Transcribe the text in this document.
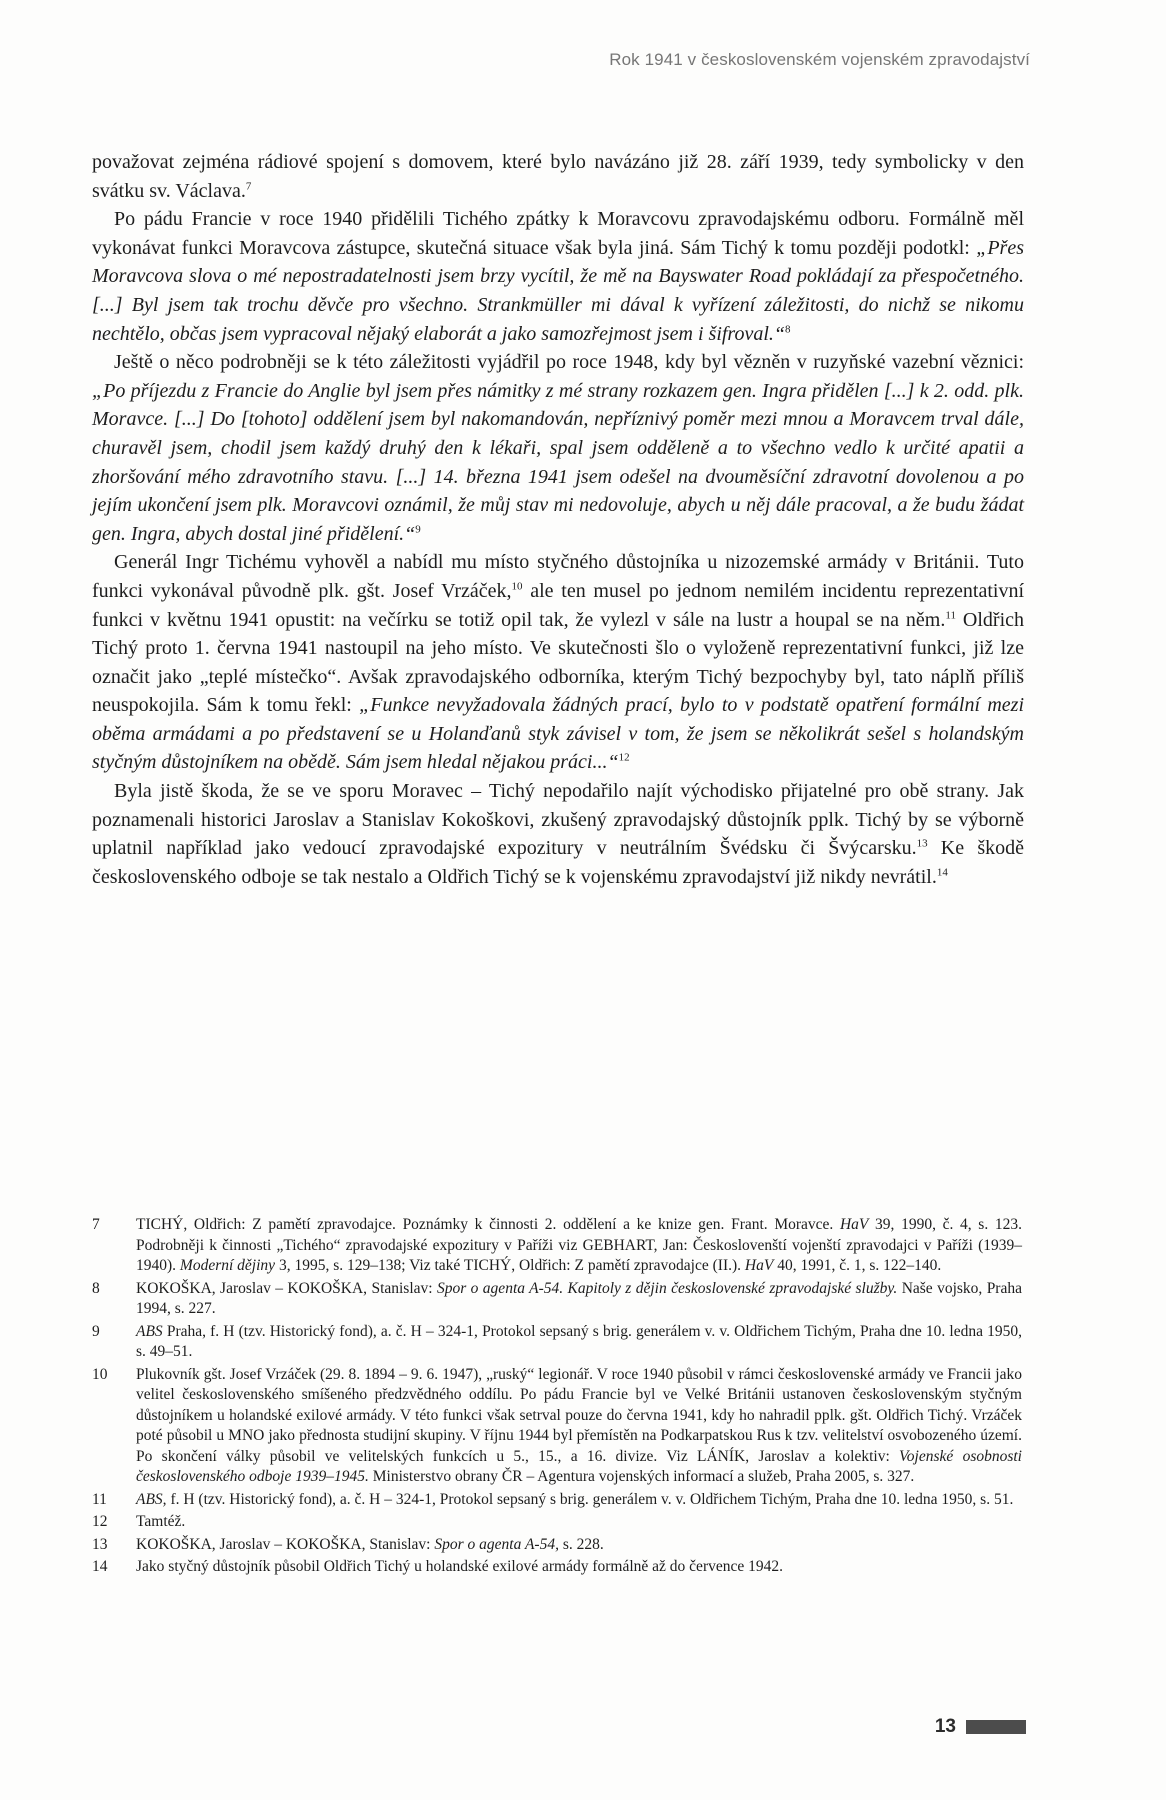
Rok 1941 v československém vojenském zpravodajství

považovat zejména rádiové spojení s domovem, které bylo navázáno již 28. září 1939, tedy symbolicky v den svátku sv. Václava.$^7$

Po pádu Francie v roce 1940 přidělili Tichého zpátky k Moravcovu zpravodajskému odboru. Formálně měl vykonávat funkci Moravcova zástupce, skutečná situace však byla jiná. Sám Tichý k tomu později podotkl: „Přes Moravcova slova o mé nepostradatelnosti jsem brzy vycítil, že mě na Bayswater Road pokládají za přespočetného. [...] Byl jsem tak trochu děvče pro všechno. Strankmüller mi dával k vyřízení záležitosti, do nichž se nikomu nechtělo, občas jsem vypracoval nějaký elaborát a jako samozřejmost jsem i šifroval.“$^8$

Ještě o něco podrobněji se k této záležitosti vyjádřil po roce 1948, kdy byl vězněn v ruzyňské vazební věznici: „Po příjezdu z Francie do Anglie byl jsem přes námitky z mé strany rozkazem gen. Ingra přidělen [...] k 2. odd. plk. Moravce. [...] Do [tohoto] oddělení jsem byl nakomandován, nepříznivý poměr mezi mnou a Moravcem trval dále, churavěl jsem, chodil jsem každý druhý den k lékaři, spal jsem odděleně a to všechno vedlo k určité apatii a zhoršování mého zdravotního stavu. [...] 14. března 1941 jsem odešel na dvouměsíční zdravotní dovolenou a po jejím ukončení jsem plk. Moravcovi oznámil, že můj stav mi nedovoluje, abych u něj dále pracoval, a že budu žádat gen. Ingra, abych dostal jiné přidělení.“$^9$

Generál Ingr Tichému vyhověl a nabídl mu místo styčného důstojníka u nizozemské armády v Británii. Tuto funkci vykonával původně plk. gšt. Josef Vrzáček,$^{10}$ ale ten musel po jednom nemilém incidentu reprezentativní funkci v květnu 1941 opustit: na večírku se totiž opil tak, že vylezl v sále na lustr a houpal se na něm.$^{11}$ Oldřich Tichý proto 1. června 1941 nastoupil na jeho místo. Ve skutečnosti šlo o vyloženě reprezentativní funkci, již lze označit jako „teplé místečko“. Avšak zpravodajského odborníka, kterým Tichý bezpochyby byl, tato náplň příliš neuspokojila. Sám k tomu řekl: „Funkce nevyžadovala žádných prací, bylo to v podstatě opatření formální mezi oběma armádami a po představení se u Holanďanů styk závisel v tom, že jsem se několikrát sešel s holandským styčným důstojníkem na obědě. Sám jsem hledal nějakou práci...“$^{12}$

Byla jistě škoda, že se ve sporu Moravec – Tichý nepodařilo najít východisko přijatelné pro obě strany. Jak poznamenali historici Jaroslav a Stanislav Kokoškovi, zkušený zpravodajský důstojník pplk. Tichý by se výborně uplatnil například jako vedoucí zpravodajské expozitury v neutrálním Švédsku či Švýcarsku.$^{13}$ Ke škodě československého odboje se tak nestalo a Oldřich Tichý se k vojenskému zpravodajství již nikdy nevrátil.$^{14}$

7 TICHÝ, Oldřich: Z pamětí zpravodajce. Poznámky k činnosti 2. oddělení a ke knize gen. Frant. Moravce. HaV 39, 1990, č. 4, s. 123. Podrobněji k činnosti „Tichého“ zpravodajské expozitury v Paříži viz GEBHART, Jan: Českoslovenští vojenští zpravodajci v Paříži (1939–1940). Moderní dějiny 3, 1995, s. 129–138; Viz také TICHÝ, Oldřich: Z pamětí zpravodajce (II.). HaV 40, 1991, č. 1, s. 122–140.
8 KOKOŠKA, Jaroslav – KOKOŠKA, Stanislav: Spor o agenta A-54. Kapitoly z dějin československé zpravodajské služby. Naše vojsko, Praha 1994, s. 227.
9 ABS Praha, f. H (tzv. Historický fond), a. č. H – 324-1, Protokol sepsaný s brig. generálem v. v. Oldřichem Tichým, Praha dne 10. ledna 1950, s. 49–51.
10 Plukovník gšt. Josef Vrzáček (29. 8. 1894 – 9. 6. 1947), „ruský“ legionář. V roce 1940 působil v rámci československé armády ve Francii jako velitel československého smíšeného předzvědného oddílu. Po pádu Francie byl ve Velké Británii ustanoven československým styčným důstojníkem u holandské exilové armády. V této funkci však setrval pouze do června 1941, kdy ho nahradil pplk. gšt. Oldřich Tichý. Vrzáček poté působil u MNO jako přednosta studijní skupiny. V říjnu 1944 byl přemístěn na Podkarpatskou Rus k tzv. velitelství osvobozeného území. Po skončení války působil ve velitelských funkcích u 5., 15., a 16. divize. Viz LÁNÍK, Jaroslav a kolektiv: Vojenské osobnosti československého odboje 1939–1945. Ministerstvo obrany ČR – Agentura vojenských informací a služeb, Praha 2005, s. 327.
11 ABS, f. H (tzv. Historický fond), a. č. H – 324-1, Protokol sepsaný s brig. generálem v. v. Oldřichem Tichým, Praha dne 10. ledna 1950, s. 51.
12 Tamtéž.
13 KOKOŠKA, Jaroslav – KOKOŠKA, Stanislav: Spor o agenta A-54, s. 228.
14 Jako styčný důstojník působil Oldřich Tichý u holandské exilové armády formálně až do července 1942.
13
